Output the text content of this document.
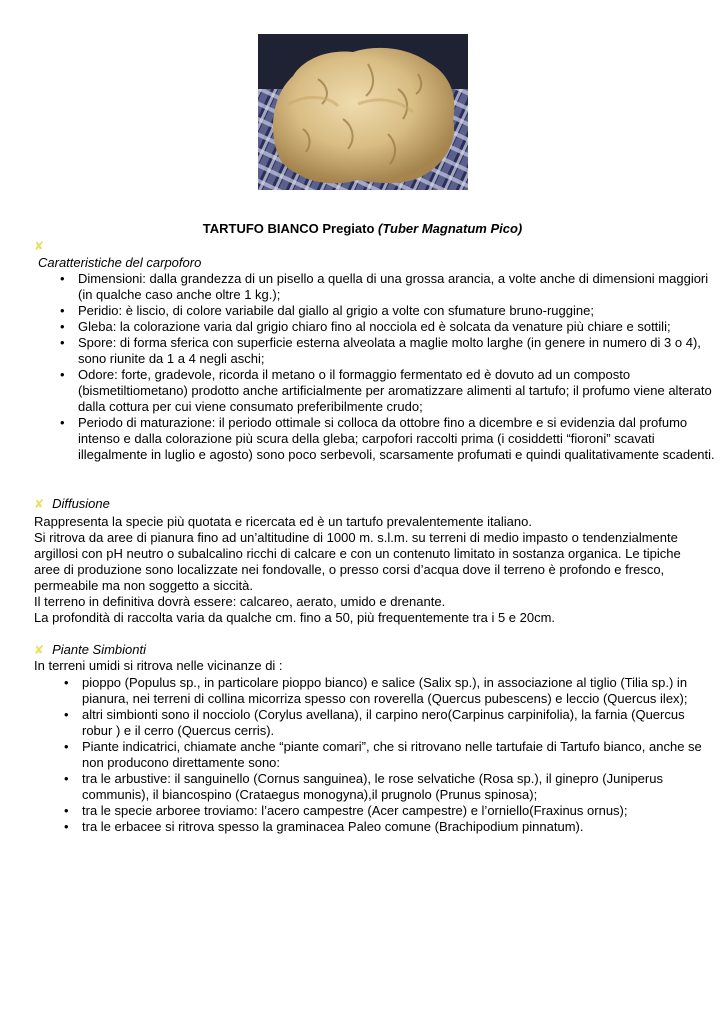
TARTUFO BIANCO Pregiato (Tuber Magnatum Pico)
✘
Caratteristiche del carpoforo
• Dimensioni: dalla grandezza di un pisello a quella di una grossa arancia, a volte anche di dimensioni maggiori (in qualche caso anche oltre 1 kg.);
• Peridio: è liscio, di colore variabile dal giallo al grigio a volte con sfumature bruno-ruggine;
• Gleba: la colorazione varia dal grigio chiaro fino al nocciola ed è solcata da venature più chiare e sottili;
• Spore: di forma sferica con superficie esterna alveolata a maglie molto larghe (in genere in numero di 3 o 4), sono riunite da 1 a 4 negli aschi;
• Odore: forte, gradevole, ricorda il metano o il formaggio fermentato ed è dovuto ad un composto (bismetiltiometano) prodotto anche artificialmente per aromatizzare alimenti al tartufo; il profumo viene alterato dalla cottura per cui viene consumato preferibilmente crudo;
• Periodo di maturazione: il periodo ottimale si colloca da ottobre fino a dicembre e si evidenzia dal profumo intenso e dalla colorazione più scura della gleba; carpofori raccolti prima (i cosiddetti “fioroni” scavati illegalmente in luglio e agosto) sono poco serbevoli, scarsamente profumati e quindi qualitativamente scadenti.
✘ Diffusione
Rappresenta la specie più quotata e ricercata ed è un tartufo prevalentemente italiano.
Si ritrova da aree di pianura fino ad un’altitudine di 1000 m. s.l.m. su terreni di medio impasto o tendenzialmente argillosi con pH neutro o subalcalino ricchi di calcare e con un contenuto limitato in sostanza organica. Le tipiche aree di produzione sono localizzate nei fondovalle, o presso corsi d’acqua dove il terreno è profondo e fresco, permeabile ma non soggetto a siccità.
Il terreno in definitiva dovrà essere: calcareo, aerato, umido e drenante.
La profondità di raccolta varia da qualche cm. fino a 50, più frequentemente tra i 5 e 20cm.
✘ Piante Simbionti
In terreni umidi si ritrova nelle vicinanze di :
• pioppo (Populus sp., in particolare pioppo bianco) e salice (Salix sp.), in associazione al tiglio (Tilia sp.) in pianura, nei terreni di collina micorriza spesso con roverella (Quercus pubescens) e leccio (Quercus ilex);
• altri simbionti sono il nocciolo (Corylus avellana), il carpino nero(Carpinus carpinifolia), la farnia (Quercus robur ) e il cerro (Quercus cerris).
• Piante indicatrici, chiamate anche “piante comari”, che si ritrovano nelle tartufaie di Tartufo bianco, anche se non producono direttamente sono:
• tra le arbustive: il sanguinello (Cornus sanguinea), le rose selvatiche (Rosa sp.), il ginepro (Juniperus communis), il biancospino (Crataegus monogyna),il prugnolo (Prunus spinosa);
• tra le specie arboree troviamo: l’acero campestre (Acer campestre) e l’orniello(Fraxinus ornus);
• tra le erbacee si ritrova spesso la graminacea Paleo comune (Brachipodium pinnatum).
